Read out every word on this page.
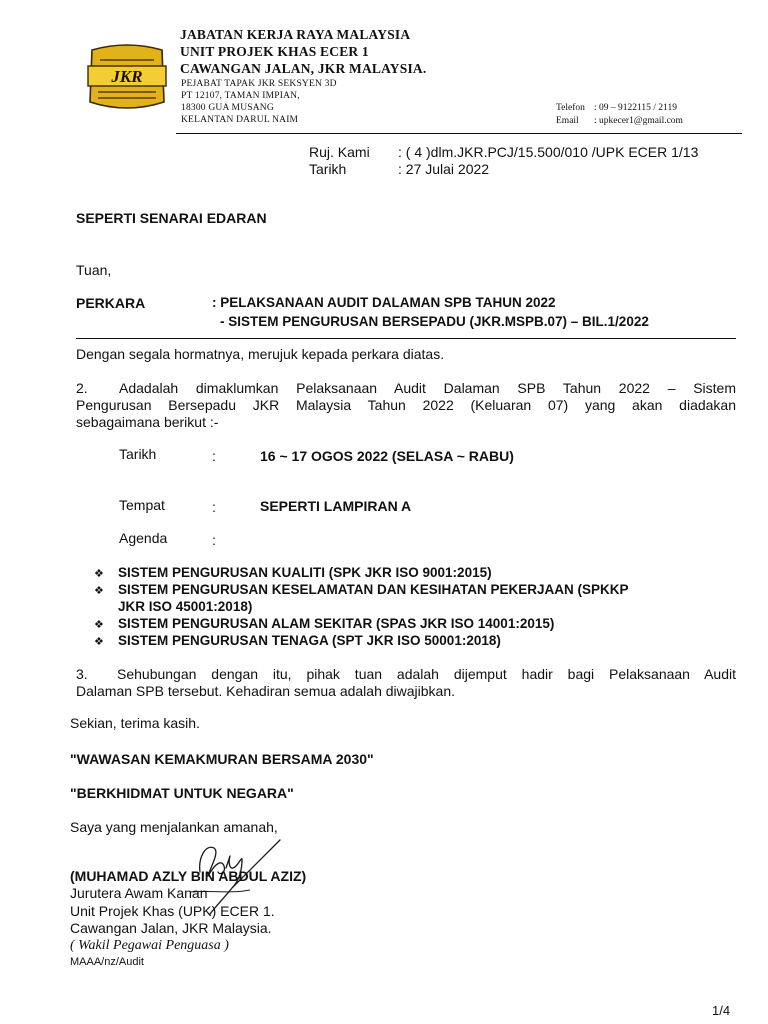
JKR
JABATAN KERJA RAYA MALAYSIA
UNIT PROJEK KHAS ECER 1
CAWANGAN JALAN, JKR MALAYSIA.
PEJABAT TAPAK JKR SEKSYEN 3D
PT 12107, TAMAN IMPIAN,
18300 GUA MUSANG
KELANTAN DARUL NAIM
Telefon : 09 – 9122115 / 2119
Email : upkecer1@gmail.com
Ruj. Kami : ( 4 )dlm.JKR.PCJ/15.500/010 /UPK ECER 1/13
Tarikh	: 27 Julai 2022
SEPERTI SENARAI EDARAN
Tuan,
PERKARA	: PELAKSANAAN AUDIT DALAMAN SPB TAHUN 2022
- SISTEM PENGURUSAN BERSEPADU (JKR.MSPB.07) – BIL.1/2022
Dengan segala hormatnya, merujuk kepada perkara diatas.
2. Adadalah dimaklumkan Pelaksanaan Audit Dalaman SPB Tahun 2022 – Sistem
Pengurusan Bersepadu JKR Malaysia Tahun 2022 (Keluaran 07) yang akan diadakan
sebagaimana berikut :-
Tarikh	:	16 ~ 17 OGOS 2022 (SELASA ~ RABU)
Tempat	:	SEPERTI LAMPIRAN A
Agenda	:
❖ SISTEM PENGURUSAN KUALITI (SPK JKR ISO 9001:2015)
❖ SISTEM PENGURUSAN KESELAMATAN DAN KESIHATAN PEKERJAAN (SPKKP
JKR ISO 45001:2018)
❖ SISTEM PENGURUSAN ALAM SEKITAR (SPAS JKR ISO 14001:2015)
❖ SISTEM PENGURUSAN TENAGA (SPT JKR ISO 50001:2018)
3. Sehubungan dengan itu, pihak tuan adalah dijemput hadir bagi Pelaksanaan Audit
Dalaman SPB tersebut. Kehadiran semua adalah diwajibkan.
Sekian, terima kasih.
"WAWASAN KEMAKMURAN BERSAMA 2030"
"BERKHIDMAT UNTUK NEGARA"
Saya yang menjalankan amanah,
(MUHAMAD AZLY BIN ABDUL AZIZ)
Jurutera Awam Kanan
Unit Projek Khas (UPK) ECER 1.
Cawangan Jalan, JKR Malaysia.
( Wakil Pegawai Penguasa )
MAAA/nz/Audit
1/4
